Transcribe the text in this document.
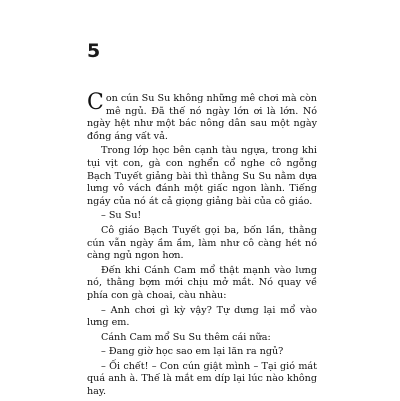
5

Con cún Su Su không những mê chơi mà còn mê ngủ. Đã thế nó ngày lớn ơi là lớn. Nó ngày hệt như một bác nông dân sau một ngày đồng áng vất vả.

Trong lớp học bên cạnh tàu ngựa, trong khi tụi vịt con, gà con nghển cổ nghe cô ngỗng Bạch Tuyết giảng bài thì thằng Su Su nằm dựa lưng vô vách đánh một giấc ngon lành. Tiếng ngáy của nó át cả giọng giảng bài của cô giáo.

– Su Su!

Cô giáo Bạch Tuyết gọi ba, bốn lần, thằng cún vẫn ngày ầm ầm, làm như cô càng hét nó càng ngủ ngon hơn.

Đến khi Cánh Cam mổ thật mạnh vào lưng nó, thằng bợm mới chịu mở mắt. Nó quay về phía con gà choai, càu nhàu:

– Anh chơi gì kỳ vậy? Tự dưng lại mổ vào lưng em.

Cánh Cam mổ Su Su thêm cái nữa:

– Đang giờ học sao em lại lăn ra ngủ?

– Ối chết! – Con cún giật mình – Tại gió mát quá anh à. Thế là mắt em díp lại lúc nào không hay.
